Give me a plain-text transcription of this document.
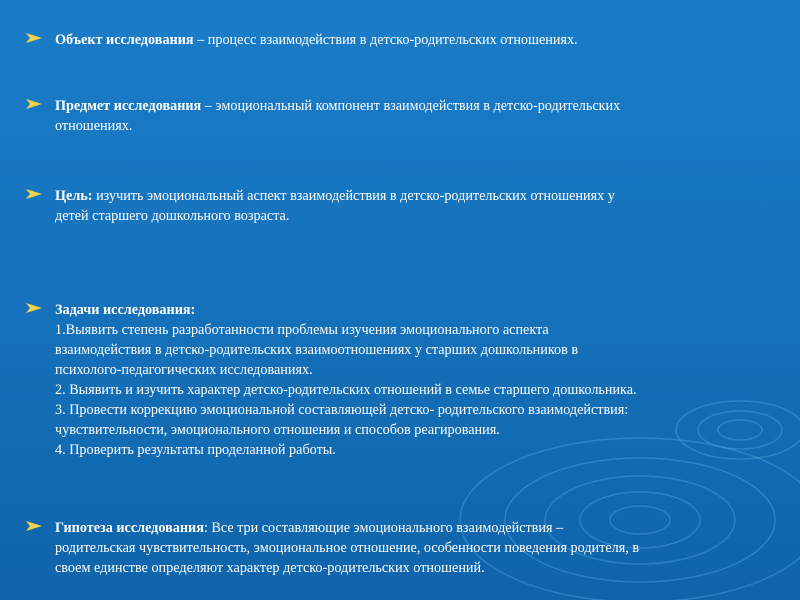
Объект исследования – процесс взаимодействия в детско-родительских отношениях.
Предмет исследования – эмоциональный компонент взаимодействия в детско-родительских
отношениях.
Цель: изучить эмоциональный аспект взаимодействия в детско-родительских отношениях у
детей старшего дошкольного возраста.
Задачи исследования:
1.Выявить степень разработанности проблемы изучения эмоционального аспекта
взаимодействия в детско-родительских взаимоотношениях у старших дошкольников в
психолого-педагогических исследованиях.
2. Выявить и изучить характер детско-родительских отношений в семье старшего дошкольника.
3. Провести коррекцию эмоциональной составляющей детско- родительского взаимодействия:
чувствительности, эмоционального отношения и способов реагирования.
4. Проверить результаты проделанной работы.
Гипотеза исследования: Все три составляющие эмоционального взаимодействия –
родительская чувствительность, эмоциональное отношение, особенности поведения родителя, в
своем единстве определяют характер детско-родительских отношений.
